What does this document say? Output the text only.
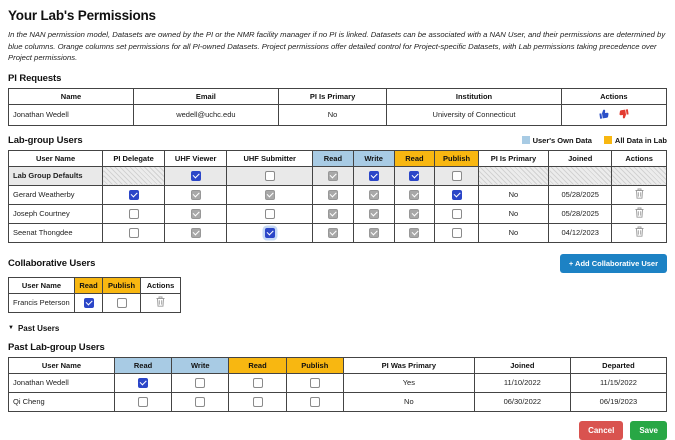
Your Lab's Permissions

In the NAN permission model, Datasets are owned by the PI or the NMR facility manager if no PI is linked. Datasets can be associated with a NAN User, and their permissions are determined by blue columns. Orange columns set permissions for all PI-owned Datasets. Project permissions offer detailed control for Project-specific Datasets, with Lab permissions taking precedence over Project permissions.

PI Requests
Name	Email	PI Is Primary	Institution	Actions
Jonathan Wedell	wedell@uchc.edu	No	University of Connecticut	
Lab-group Users	User's Own Data	All Data in Lab
User Name	PI Delegate	UHF Viewer	UHF Submitter	Read	Write	Read	Publish	PI Is Primary	Joined	Actions
Lab Group Defaults										
Gerard Weatherby								No	05/28/2025	
Joseph Courtney								No	05/28/2025	
Seenat Thongdee								No	04/12/2023	
Collaborative Users	+ Add Collaborative User
User Name	Read	Publish	Actions
Francis Peterson			
▼ Past Users
Past Lab-group Users
User Name	Read	Write	Read	Publish	PI Was Primary	Joined	Departed
Jonathan Wedell					Yes	11/10/2022	11/15/2022
Qi Cheng					No	06/30/2022	06/19/2023
Cancel	Save
